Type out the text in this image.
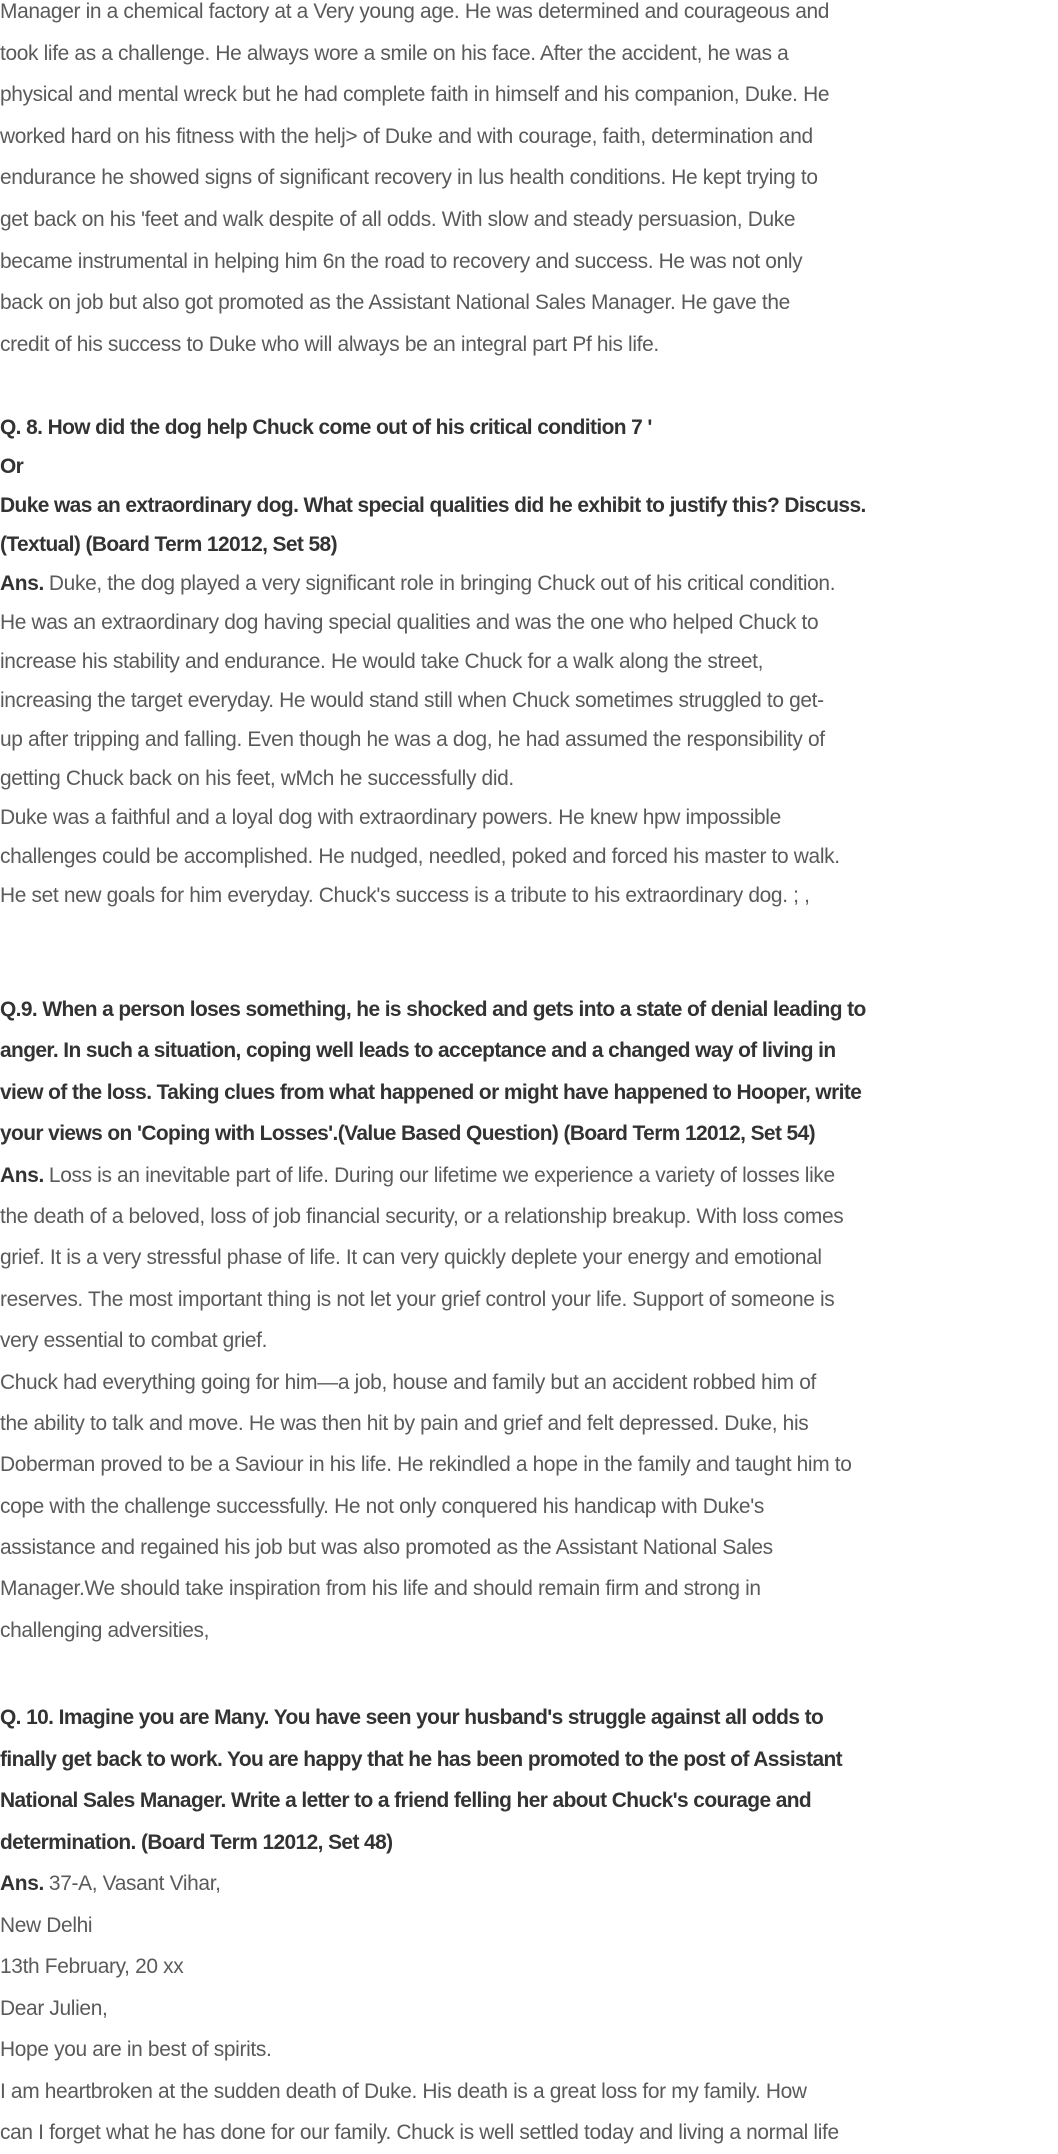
Manager in a chemical factory at a Very young age. He was determined and courageous and
took life as a challenge. He always wore a smile on his face. After the accident, he was a
physical and mental wreck but he had complete faith in himself and his companion, Duke. He
worked hard on his fitness with the helj> of Duke and with courage, faith, determination and
endurance he showed signs of significant recovery in lus health conditions. He kept trying to
get back on his 'feet and walk despite of all odds. With slow and steady persuasion, Duke
became instrumental in helping him 6n the road to recovery and success. He was not only
back on job but also got promoted as the Assistant National Sales Manager. He gave the
credit of his success to Duke who will always be an integral part Pf his life.
Q. 8. How did the dog help Chuck come out of his critical condition 7 '
Or
Duke was an extraordinary dog. What special qualities did he exhibit to justify this? Discuss.
(Textual) (Board Term 12012, Set 58)
Ans. Duke, the dog played a very significant role in bringing Chuck out of his critical condition.
He was an extraordinary dog having special qualities and was the one who helped Chuck to
increase his stability and endurance. He would take Chuck for a walk along the street,
increasing the target everyday. He would stand still when Chuck sometimes struggled to get-
up after tripping and falling. Even though he was a dog, he had assumed the responsibility of
getting Chuck back on his feet, wMch he successfully did.
Duke was a faithful and a loyal dog with extraordinary powers. He knew hpw impossible
challenges could be accomplished. He nudged, needled, poked and forced his master to walk.
He set new goals for him everyday. Chuck's success is a tribute to his extraordinary dog. ; ,
Q.9. When a person loses something, he is shocked and gets into a state of denial leading to
anger. In such a situation, coping well leads to acceptance and a changed way of living in
view of the loss. Taking clues from what happened or might have happened to Hooper, write
your views on 'Coping with Losses'.(Value Based Question) (Board Term 12012, Set 54)
Ans. Loss is an inevitable part of life. During our lifetime we experience a variety of losses like
the death of a beloved, loss of job financial security, or a relationship breakup. With loss comes
grief. It is a very stressful phase of life. It can very quickly deplete your energy and emotional
reserves. The most important thing is not let your grief control your life. Support of someone is
very essential to combat grief.
Chuck had everything going for him—a job, house and family but an accident robbed him of
the ability to talk and move. He was then hit by pain and grief and felt depressed. Duke, his
Doberman proved to be a Saviour in his life. He rekindled a hope in the family and taught him to
cope with the challenge successfully. He not only conquered his handicap with Duke's
assistance and regained his job but was also promoted as the Assistant National Sales
Manager.We should take inspiration from his life and should remain firm and strong in
challenging adversities,
Q. 10. Imagine you are Many. You have seen your husband's struggle against all odds to
finally get back to work. You are happy that he has been promoted to the post of Assistant
National Sales Manager. Write a letter to a friend felling her about Chuck's courage and
determination. (Board Term 12012, Set 48)
Ans. 37-A, Vasant Vihar,
New Delhi
13th February, 20 xx
Dear Julien,
Hope you are in best of spirits.
I am heartbroken at the sudden death of Duke. His death is a great loss for my family. How
can I forget what he has done for our family. Chuck is well settled today and living a normal life
